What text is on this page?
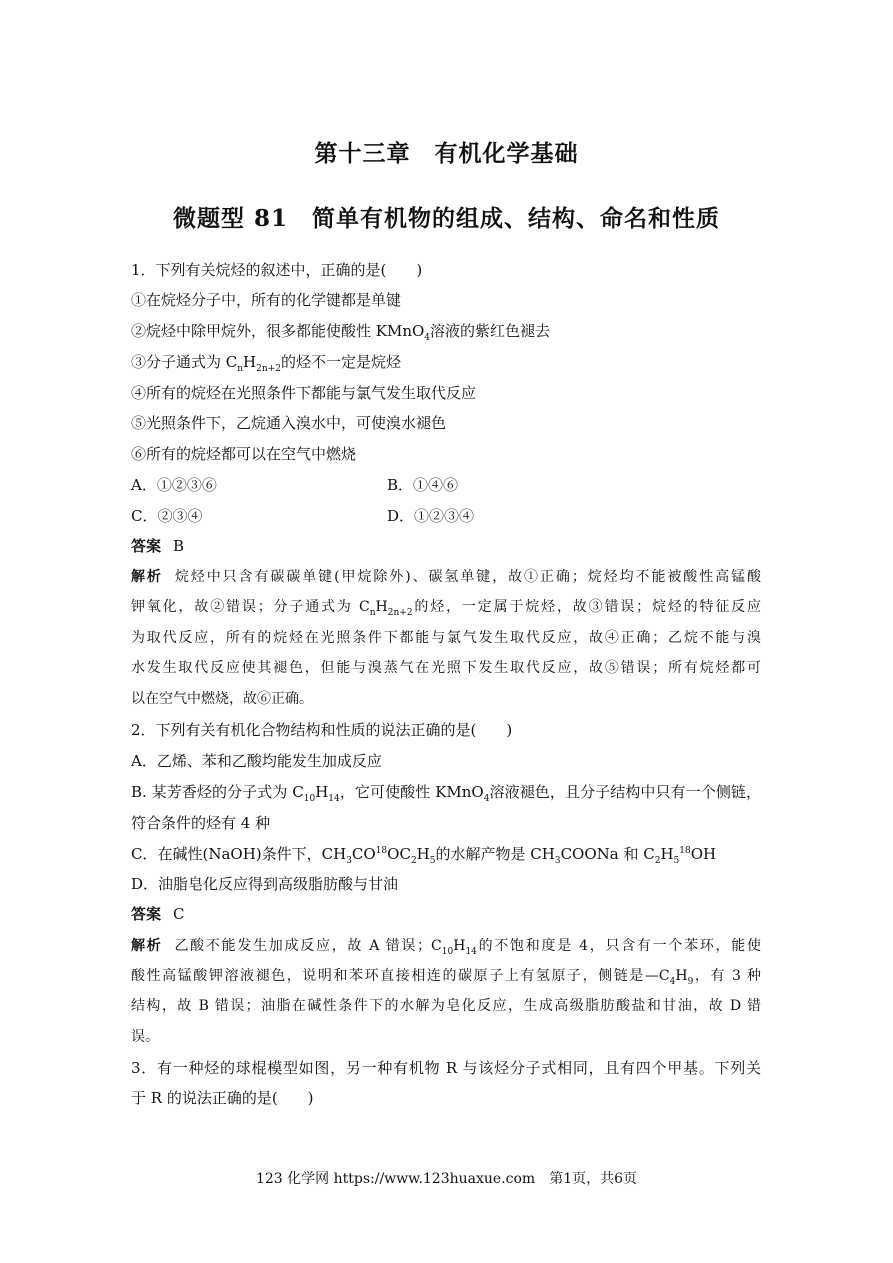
第十三章　有机化学基础
微题型 81　简单有机物的组成、结构、命名和性质
1．下列有关烷烃的叙述中，正确的是(　　)
①在烷烃分子中，所有的化学键都是单键
②烷烃中除甲烷外，很多都能使酸性 KMnO$_4$溶液的紫红色褪去
③分子通式为 $C_nH_{2n+2}$的烃不一定是烷烃
④所有的烷烃在光照条件下都能与氯气发生取代反应
⑤光照条件下，乙烷通入溴水中，可使溴水褪色
⑥所有的烷烃都可以在空气中燃烧
A．①②③⑥	B．①④⑥
C．②③④	D．①②③④
答案 B
解析 烷烃中只含有碳碳单键(甲烷除外)、碳氢单键，故①正确；烷烃均不能被酸性高锰酸
钾氧化，故②错误；分子通式为 $C_nH_{2n+2}$的烃，一定属于烷烃，故③错误；烷烃的特征反应
为取代反应，所有的烷烃在光照条件下都能与氯气发生取代反应，故④正确；乙烷不能与溴
水发生取代反应使其褪色，但能与溴蒸气在光照下发生取代反应，故⑤错误；所有烷烃都可
以在空气中燃烧，故⑥正确。
2．下列有关有机化合物结构和性质的说法正确的是(　　)
A．乙烯、苯和乙酸均能发生加成反应
B. 某芳香烃的分子式为 $C_{10}H_{14}$，它可使酸性 KMnO$_4$溶液褪色，且分子结构中只有一个侧链，
符合条件的烃有 4 种
C．在碱性(NaOH)条件下，$CH_3CO^{18}OC_2H_5$的水解产物是 $CH_3COONa$ 和 $C_2H_5^{18}OH$
D．油脂皂化反应得到高级脂肪酸与甘油
答案 C
解析 乙酸不能发生加成反应，故 A 错误；$C_{10}H_{14}$的不饱和度是 4，只含有一个苯环，能使
酸性高锰酸钾溶液褪色，说明和苯环直接相连的碳原子上有氢原子，侧链是$—C_4H_9$，有 3 种
结构，故 B 错误；油脂在碱性条件下的水解为皂化反应，生成高级脂肪酸盐和甘油，故 D 错
误。
3．有一种烃的球棍模型如图，另一种有机物 R 与该烃分子式相同，且有四个甲基。下列关
于 R 的说法正确的是(　　)
123 化学网 https://www.123huaxue.com　第1页，共6页
